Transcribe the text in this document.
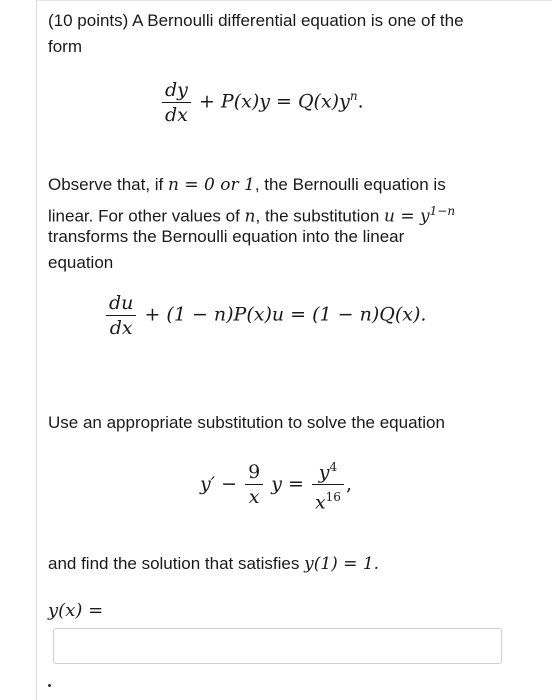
(10 points) A Bernoulli differential equation is one of the

form

$\frac{dy}{dx} + P(x)y = Q(x)y^n$.

Observe that, if n = 0 or 1, the Bernoulli equation is

linear. For other values of n, the substitution $u = y^{1-n}$

transforms the Bernoulli equation into the linear

equation

$\frac{du}{dx} + (1 - n)P(x)u = (1 - n)Q(x)$.

Use an appropriate substitution to solve the equation

$y' - \frac{9}{x}$ $y = \frac{y^4}{x^{16}}$ ,

and find the solution that satisfies y(1) = 1.

y(x) =
